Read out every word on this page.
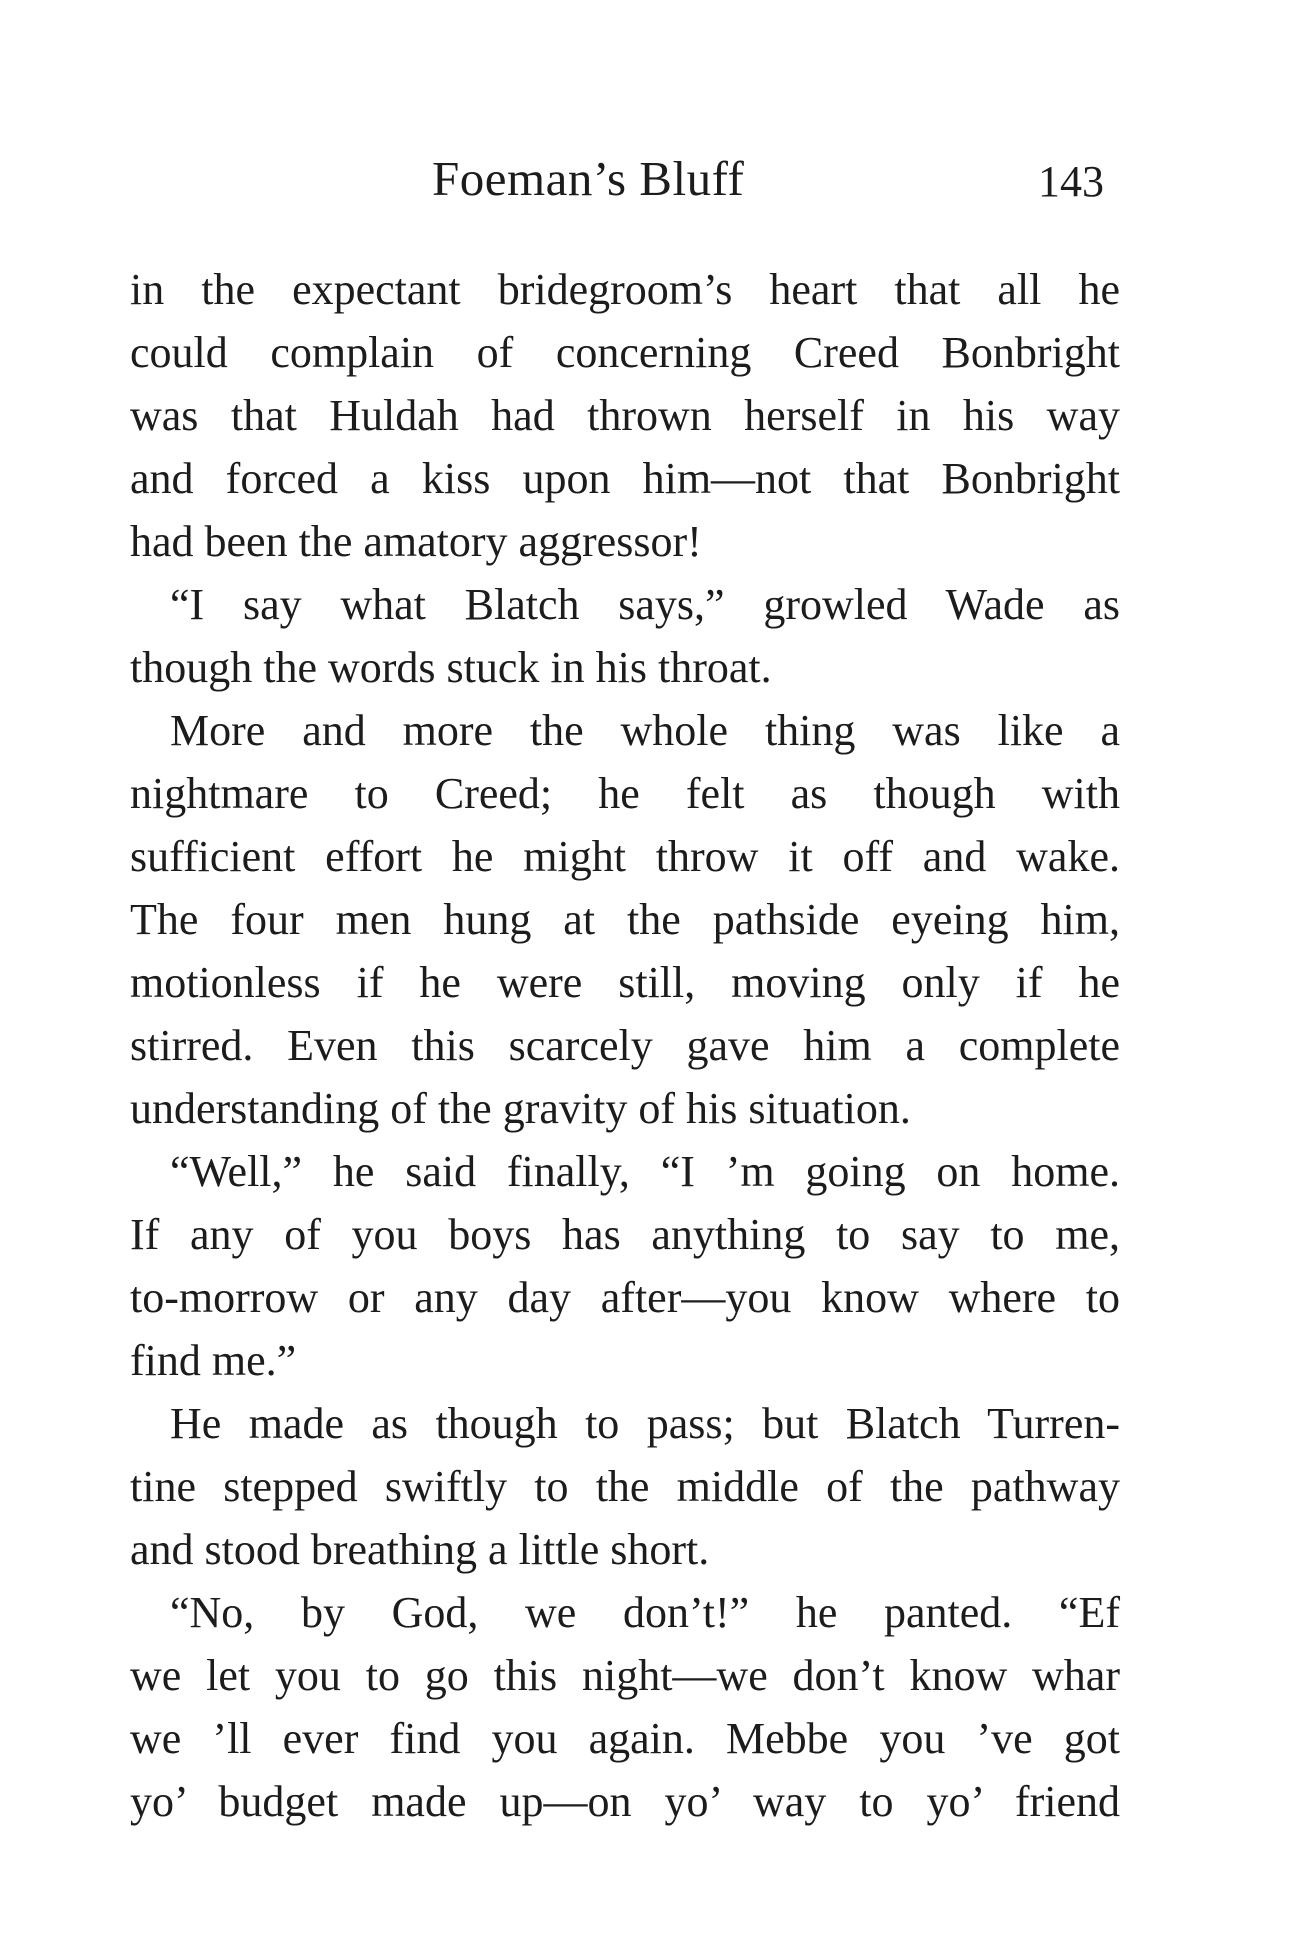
Foeman’s Bluff	143
in the expectant bridegroom’s heart that all he
could complain of concerning Creed Bonbright
was that Huldah had thrown herself in his way
and forced a kiss upon him—not that Bonbright
had been the amatory aggressor!
“I say what Blatch says,” growled Wade as
though the words stuck in his throat.
More and more the whole thing was like a
nightmare to Creed; he felt as though with
sufficient effort he might throw it off and wake.
The four men hung at the pathside eyeing him,
motionless if he were still, moving only if he
stirred. Even this scarcely gave him a complete
understanding of the gravity of his situation.
“Well,” he said finally, “I ’m going on home.
If any of you boys has anything to say to me,
to-morrow or any day after—you know where to
find me.”
He made as though to pass; but Blatch Turren-
tine stepped swiftly to the middle of the pathway
and stood breathing a little short.
“No, by God, we don’t!” he panted. “Ef
we let you to go this night—we don’t know whar
we ’ll ever find you again. Mebbe you ’ve got
yo’ budget made up—on yo’ way to yo’ friend
